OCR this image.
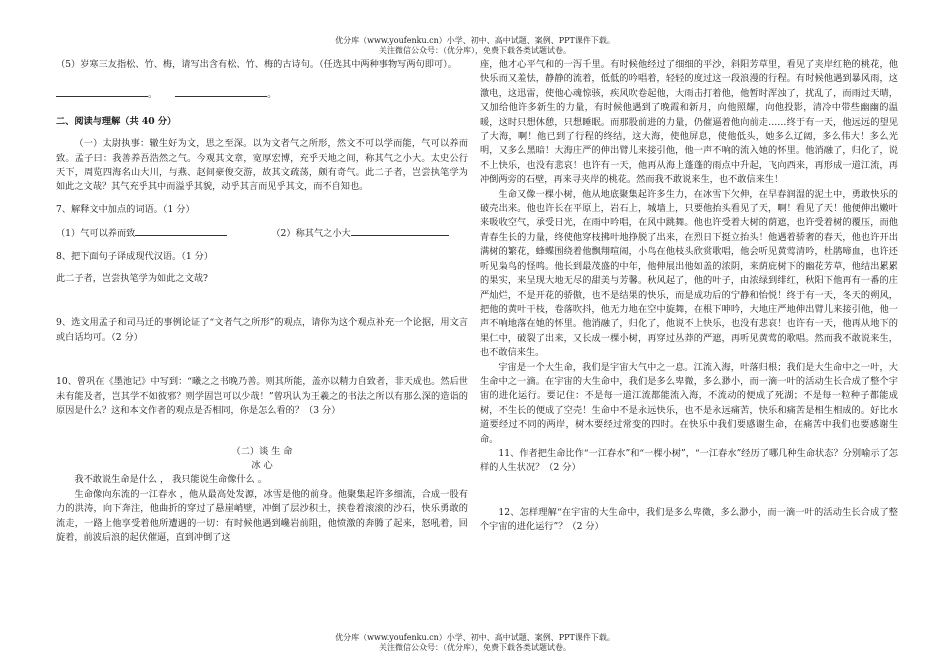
优分库（www.youfenku.cn）小学、初中、高中试题、案例、PPT课件下载。
关注微信公众号：（优分库），免费下载各类试题试卷。

（5）岁寒三友指松、竹、梅，请写出含有松、竹、梅的古诗句。（任选其中两种事物写两句即可）。

。	。

二、阅读与理解（共 40 分）

（一）太尉执事：辙生好为文，思之至深。以为文者气之所形，然文不可以学而能，气可以养而致。孟子曰：我善养吾浩然之气。今观其文章，宽厚宏博，充乎天地之间，称其气之小大。太史公行天下，周览四海名山大川，与燕、赵间豪俊交游，故其文疏荡，颇有奇气。此二子者，岂尝执笔学为如此之文哉？其气充乎其中而溢乎其貌，动乎其言而见乎其文，而不自知也。

7、解释文中加点的词语。（1 分）

（1）气可以养而致	（2）称其气之小大

8、把下面句子译成现代汉语。（1 分）

此二子者，岂尝执笔学为如此之文哉?

9、选文用孟子和司马迁的事例论证了“文者气之所形”的观点，请你为这个观点补充一个论据，用文言或白话均可。（2 分）

10、曾巩在《墨池记》中写到：“曦之之书晚乃善。则其所能，盖亦以精力自致者，非天成也。然后世未有能及者，岂其学不如彼邪？则学固岂可以少哉！”曾巩认为王羲之的书法之所以有那么深的造诣的原因是什么？这和本文作者的观点是否相同，你是怎么看的？（3 分）

（二）谈 生 命

冰 心

我不敢说生命是什么 ， 我只能说生命像什么 。

生命像向东流的一江春水 ，他从最高处发源，冰雪是他的前身。他聚集起许多细流，合成一股有力的洪涛，向下奔注，他曲折的穿过了悬崖峭壁，冲倒了层沙积土，挟卷着滚滚的沙石，快乐勇敢的流走，一路上他享受着他所遭遇的一切：有时候他遇到巉岩前阻，他愤激的奔腾了起来，怒吼着，回旋着，前波后浪的起伏催逼，直到冲倒了这

座，他才心平气和的一泻千里。有时候他经过了细细的平沙，斜阳芳草里，看见了夹岸红艳的桃花，他快乐而又羞怯，静静的流着，低低的吟唱着，轻轻的度过这一段浪漫的行程。有时候他遇到暴风雨，这激电，这迅雷，使他心魂惊骇，疾风吹卷起他，大雨击打着他，他暂时浑浊了，扰乱了，而雨过天晴，又加给他许多新生的力量，有时候他遇到了晚霞和新月，向他照耀，向他投影，清冷中带些幽幽的温暖，这时只想休憩，只想睡眠。而那股前进的力量，仍催逼着他向前走……终于有一天，他远远的望见了大海，啊！他已到了行程的终结，这大海，使他屏息，使他低头，她多么辽阔，多么伟大！多么光明，又多么黑暗！大海庄严的伸出臂儿来接引他，他一声不响的流入她的怀里。他消融了，归化了，说不上快乐，也没有悲哀！也许有一天，他再从海上蓬蓬的雨点中升起，飞向西来，再形成一道江流，再冲倒两旁的石壁，再来寻夹岸的桃花。然而我不敢说来生，也不敢信来生！

生命又像一棵小树，他从地底聚集起许多生力，在冰雪下欠伸，在早春润湿的泥土中，勇敢快乐的破壳出来。他也许长在平原上，岩石上，城墙上，只要他抬头看见了天，啊！看见了天！他便伸出嫩叶来吸收空气，承受日光，在雨中吟唱，在风中跳舞。他也许受着大树的荫遮，也许受着树的覆压，而他青春生长的力量，终使他穿枝拂叶地挣脱了出来，在烈日下挺立抬头！他遇着骄奢的春天，他也许开出满树的繁花，蜂蝶围绕着他飘翔喧闹，小鸟在他枝头欣赏歌唱，他会听见黄莺清吟，杜鹃啼血，也许还听见枭鸟的怪鸣。他长到最茂盛的中年，他伸展出他如盖的浓阴，来荫庇树下的幽花芳草，他结出累累的果实，来呈现大地无尽的甜美与芳馨。秋风起了，他的叶子，由浓绿到绯红，秋阳下他再有一番的庄严灿烂，不是开花的骄傲，也不是结果的快乐，而是成功后的宁静和怡悦！终于有一天，冬天的朔风，把他的黄叶干枝，卷落吹抖，他无力地在空中旋舞，在根下呻吟，大地庄严地伸出臂儿来接引他，他一声不响地落在她的怀里。他消融了，归化了，他说不上快乐，也没有悲哀！也许有一天，他再从地下的果仁中，破裂了出来，又长成一棵小树，再穿过丛莽的严遮，再听见黄莺的歌唱。然而我不敢说来生，也不敢信来生。

宇宙是一个大生命，我们是宇宙大气中之一息。江流入海，叶落归根；我们是大生命中之一叶，大生命中之一滴。在宇宙的大生命中，我们是多么卑微，多么渺小，而一滴一叶的活动生长合成了整个宇宙的进化运行。要记住：不是每一道江流都能流入海，不流动的便成了死湖；不是每一粒种子都能成树，不生长的便成了空壳！生命中不是永远快乐，也不是永远痛苦，快乐和痛苦是相生相成的。好比水道要经过不同的两岸，树木要经过常变的四时。在快乐中我们要感谢生命，在痛苦中我们也要感谢生命。

11、作者把生命比作“一江春水”和“一棵小树”，“一江春水”经历了哪几种生命状态？分别喻示了怎样的人生状况？（2 分）

12、怎样理解“在宇宙的大生命中，我们是多么卑微，多么渺小，而一滴一叶的活动生长合成了整个宇宙的进化运行”？（2 分）

优分库（www.youfenku.cn）小学、初中、高中试题、案例、PPT课件下载。
关注微信公众号：（优分库），免费下载各类试题试卷。
